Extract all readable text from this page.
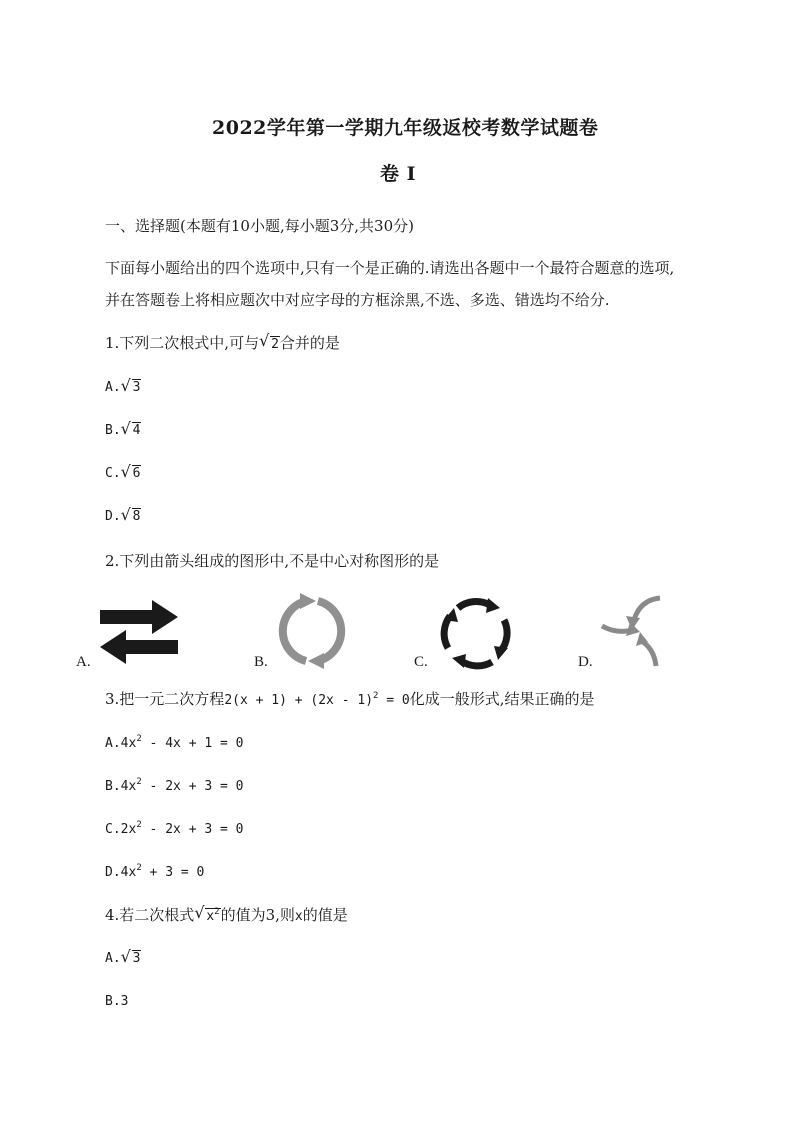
2022学年第一学期九年级返校考数学试题卷
卷 I
一、选择题(本题有10小题,每小题3分,共30分)
下面每小题给出的四个选项中,只有一个是正确的.请选出各题中一个最符合题意的选项,
并在答题卷上将相应题次中对应字母的方框涂黑,不选、多选、错选均不给分.
1.下列二次根式中,可与 √ 2合并的是
A. √ 3
B. √ 4
C. √ 6
D. √ 8
2.下列由箭头组成的图形中,不是中心对称图形的是
A.	B.	C.	D.
3.把一元二次方程2(x + 1) + (2x - 1)$^2$ = 0化成一般形式,结果正确的是
$A.4x^2 - 4x + 1 = 0$
$B.4x^2 - 2x + 3 = 0$
$C.2x^2 - 2x + 3 = 0$
$D.4x^2 + 3 = 0$
4.若二次根式 √ $x^2$的值为3,则x的值是
A. √ 3
B.3
